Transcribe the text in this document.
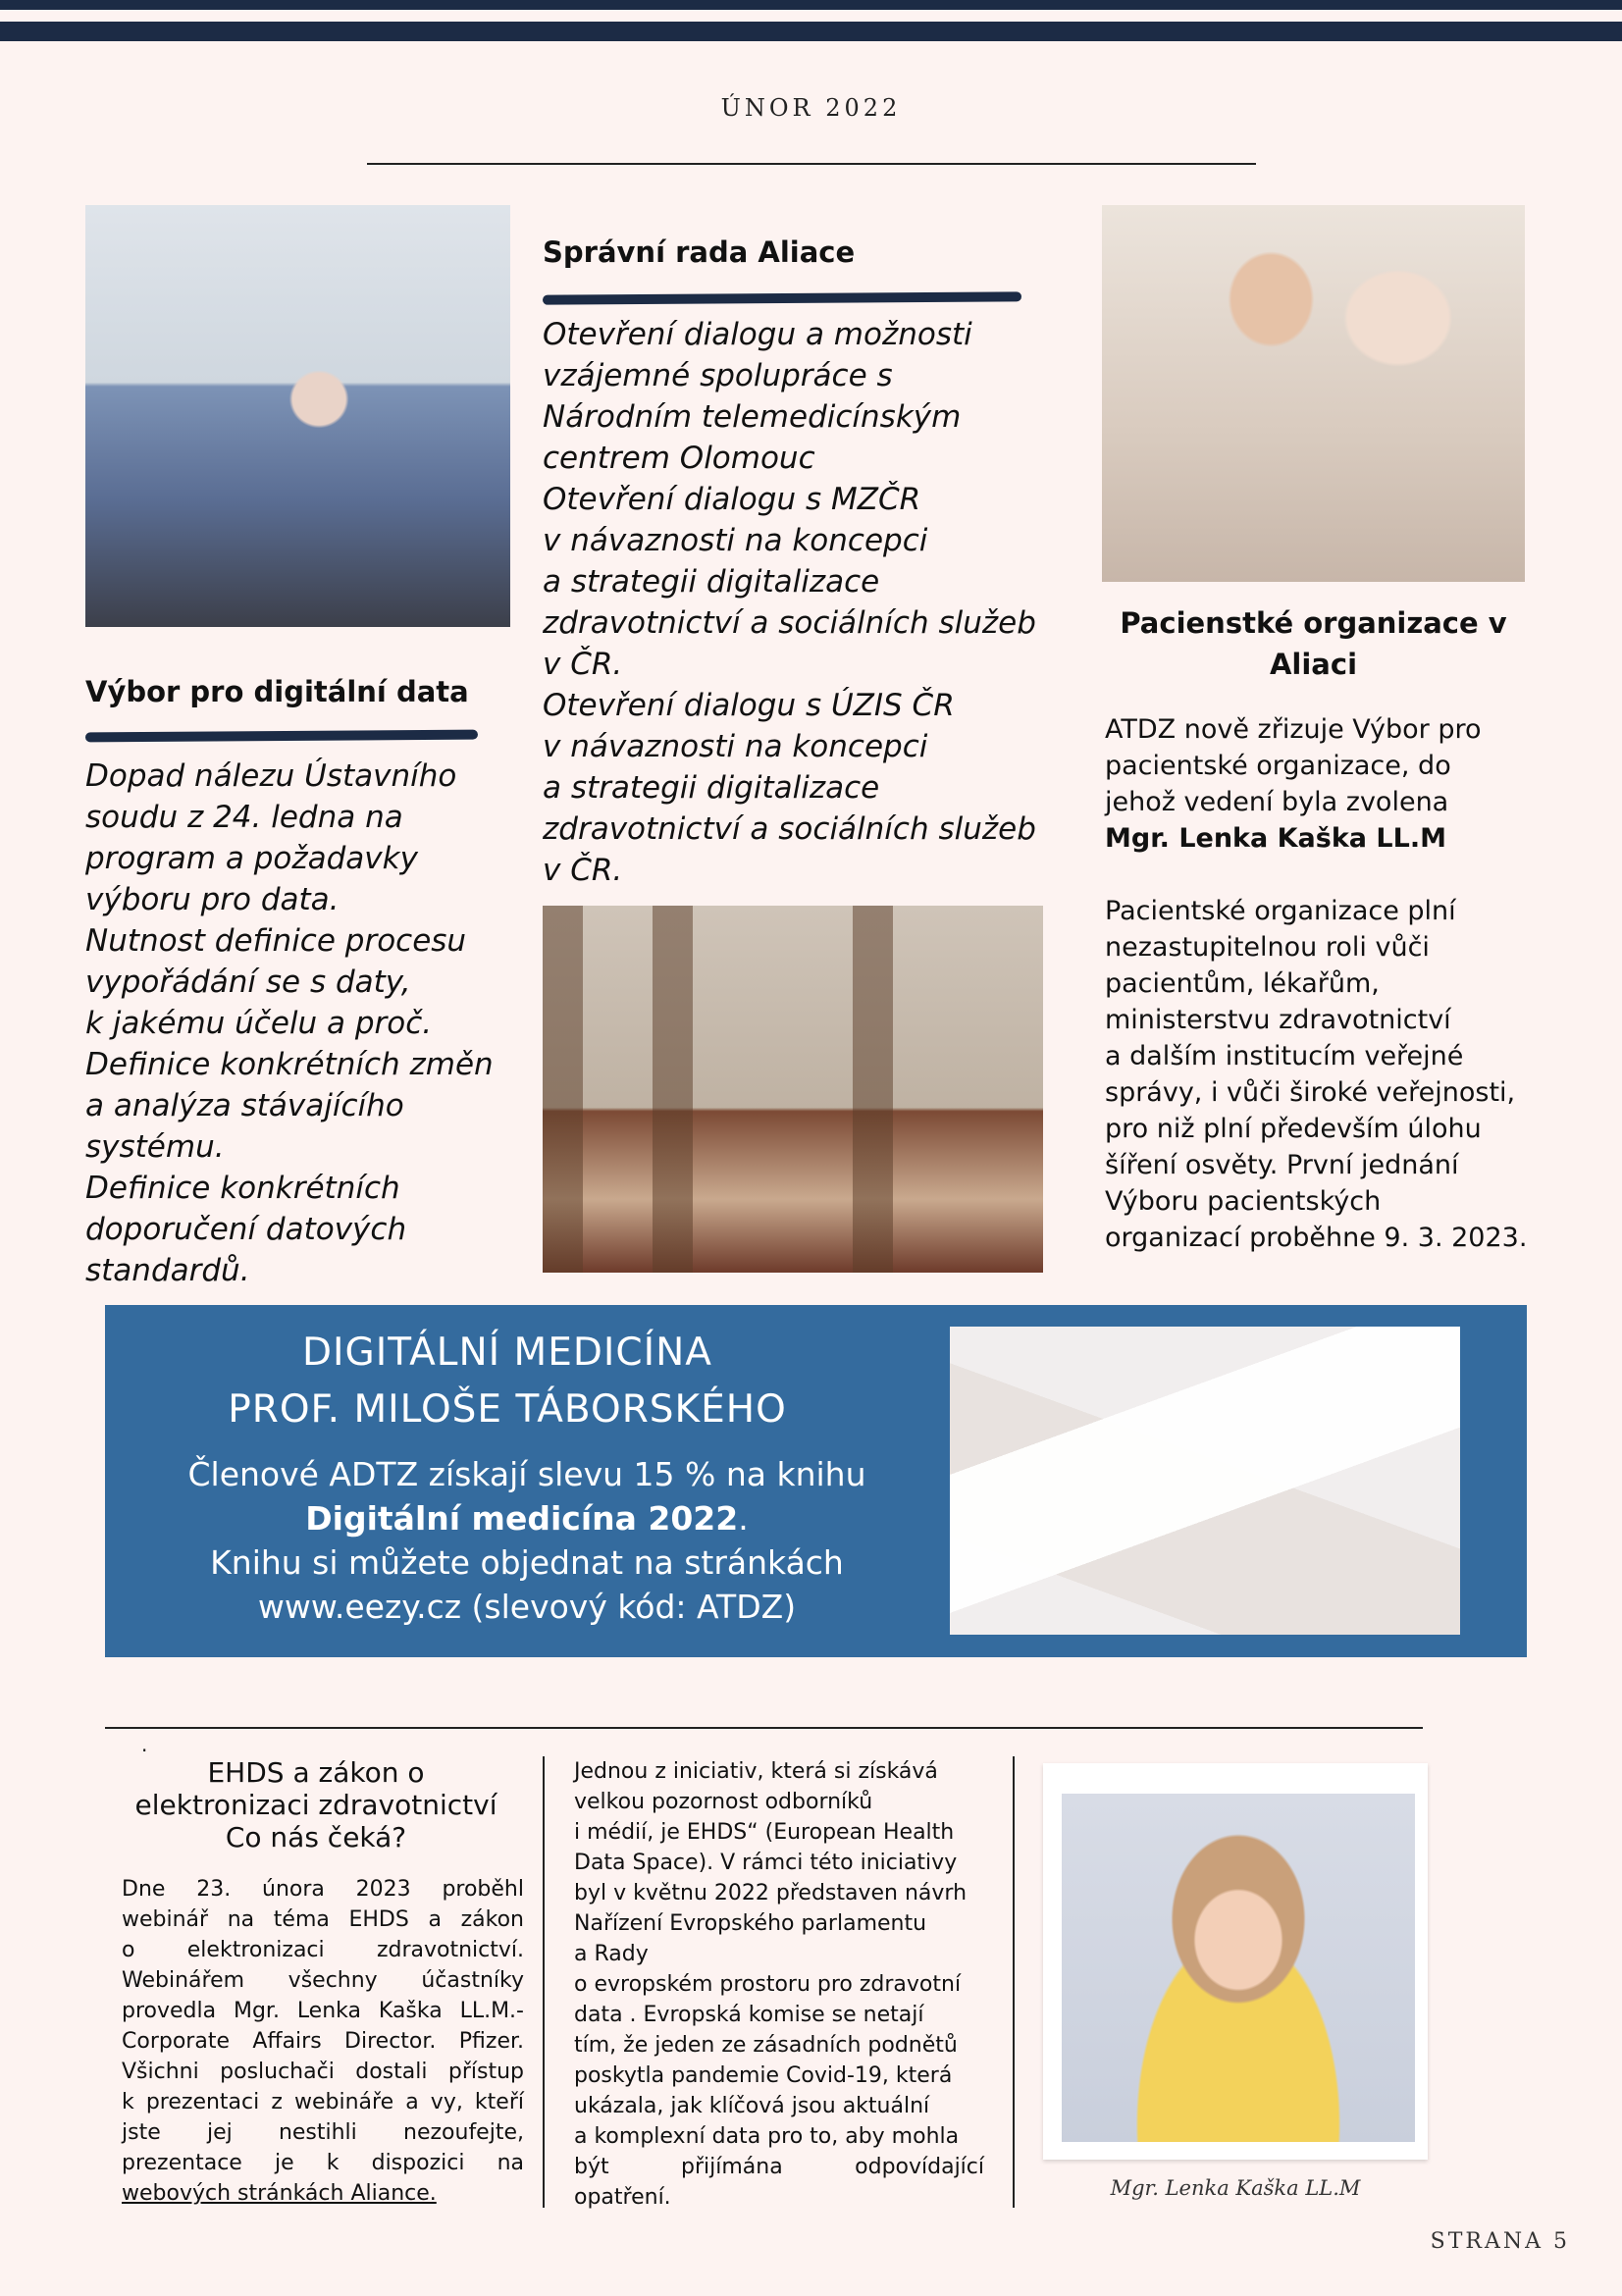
ÚNOR 2022
Výbor pro digitální data
Dopad nálezu Ústavního
soudu z 24. ledna na
program a požadavky
výboru pro data.
Nutnost definice procesu
vypořádání se s daty,
k jakému účelu a proč.
Definice konkrétních změn
a analýza stávajícího
systému.
Definice konkrétních
doporučení datových
standardů.
Správní rada Aliace
Otevření dialogu a možnosti
vzájemné spolupráce s
Národním telemedicínským
centrem Olomouc
Otevření dialogu s MZČR
v návaznosti na koncepci
a strategii digitalizace
zdravotnictví a sociálních služeb
v ČR.
Otevření dialogu s ÚZIS ČR
v návaznosti na koncepci
a strategii digitalizace
zdravotnictví a sociálních služeb
v ČR.
Pacienstké organizace v
Aliaci
ATDZ nově zřizuje Výbor pro
pacientské organizace, do
jehož vedení byla zvolena
Mgr. Lenka Kaška LL.M
Pacientské organizace plní
nezastupitelnou roli vůči
pacientům, lékařům,
ministerstvu zdravotnictví
a dalším institucím veřejné
správy, i vůči široké veřejnosti,
pro niž plní především úlohu
šíření osvěty. První jednání
Výboru pacientských
organizací proběhne 9. 3. 2023.
DIGITÁLNÍ MEDICÍNA
PROF. MILOŠE TÁBORSKÉHO
Členové ADTZ získají slevu 15 % na knihu
Digitální medicína 2022.
Knihu si můžete objednat na stránkách
www.eezy.cz (slevový kód: ATDZ)
.
EHDS a zákon o
elektronizaci zdravotnictví
Co nás čeká?
Dne 23. února 2023 proběhl
webinář na téma EHDS a zákon
o elektronizaci zdravotnictví.
Webinářem všechny účastníky
provedla Mgr. Lenka Kaška LL.M.-
Corporate Affairs Director. Pfizer.
Všichni posluchači dostali přístup
k prezentaci z webináře a vy, kteří
jste jej nestihli nezoufejte,
prezentace je k dispozici na
webových stránkách Aliance.
Jednou z iniciativ, která si získává
velkou pozornost odborníků
i médií, je EHDS“ (European Health
Data Space). V rámci této iniciativy
byl v květnu 2022 představen návrh
Nařízení Evropského parlamentu
a Rady
o evropském prostoru pro zdravotní
data . Evropská komise se netají
tím, že jeden ze zásadních podnětů
poskytla pandemie Covid-19, která
ukázala, jak klíčová jsou aktuální
a komplexní data pro to, aby mohla
být přijímána odpovídající
opatření.	Mgr. Lenka Kaška LL.M
STRANA 5
